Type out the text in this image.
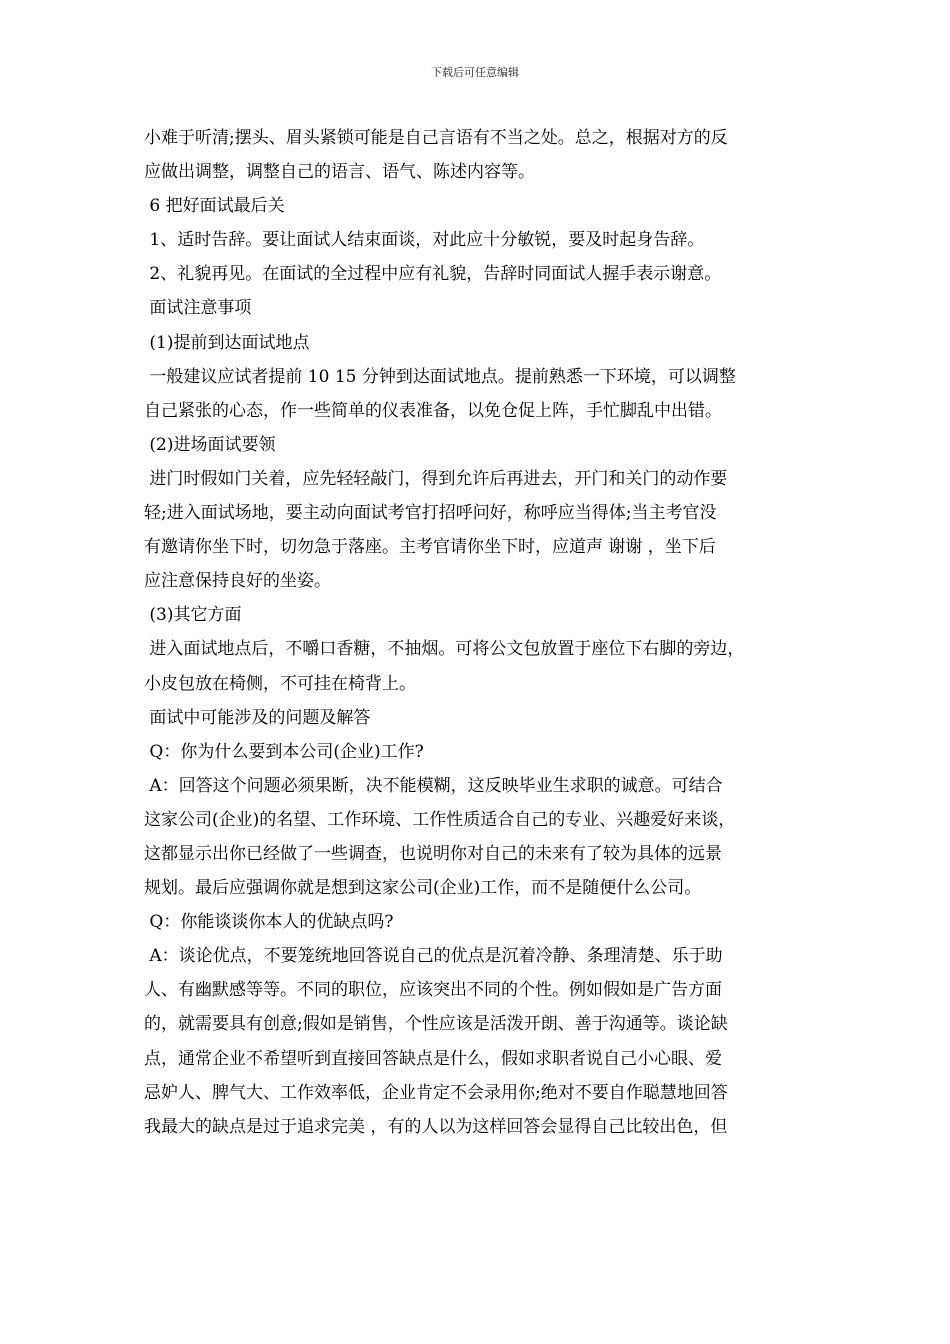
下载后可任意编辑
小难于听清;摆头、眉头紧锁可能是自己言语有不当之处。总之，根据对方的反
应做出调整，调整自己的语言、语气、陈述内容等。
6 把好面试最后关
1、适时告辞。要让面试人结束面谈，对此应十分敏锐，要及时起身告辞。
2、礼貌再见。在面试的全过程中应有礼貌，告辞时同面试人握手表示谢意。
面试注意事项
(1)提前到达面试地点
一般建议应试者提前 10 15 分钟到达面试地点。提前熟悉一下环境，可以调整
自己紧张的心态，作一些简单的仪表准备，以免仓促上阵，手忙脚乱中出错。
(2)进场面试要领
进门时假如门关着，应先轻轻敲门，得到允许后再进去，开门和关门的动作要
轻;进入面试场地，要主动向面试考官打招呼问好，称呼应当得体;当主考官没
有邀请你坐下时，切勿急于落座。主考官请你坐下时，应道声 谢谢 ，坐下后
应注意保持良好的坐姿。
(3)其它方面
进入面试地点后，不嚼口香糖，不抽烟。可将公文包放置于座位下右脚的旁边，
小皮包放在椅侧，不可挂在椅背上。
面试中可能涉及的问题及解答
Q：你为什么要到本公司(企业)工作?
A：回答这个问题必须果断，决不能模糊，这反映毕业生求职的诚意。可结合
这家公司(企业)的名望、工作环境、工作性质适合自己的专业、兴趣爱好来谈，
这都显示出你已经做了一些调查，也说明你对自己的未来有了较为具体的远景
规划。最后应强调你就是想到这家公司(企业)工作，而不是随便什么公司。
Q：你能谈谈你本人的优缺点吗?
A：谈论优点，不要笼统地回答说自己的优点是沉着冷静、条理清楚、乐于助
人、有幽默感等等。不同的职位，应该突出不同的个性。例如假如是广告方面
的，就需要具有创意;假如是销售，个性应该是活泼开朗、善于沟通等。谈论缺
点，通常企业不希望听到直接回答缺点是什么，假如求职者说自己小心眼、爱
忌妒人、脾气大、工作效率低，企业肯定不会录用你;绝对不要自作聪慧地回答
我最大的缺点是过于追求完美 ，有的人以为这样回答会显得自己比较出色，但
